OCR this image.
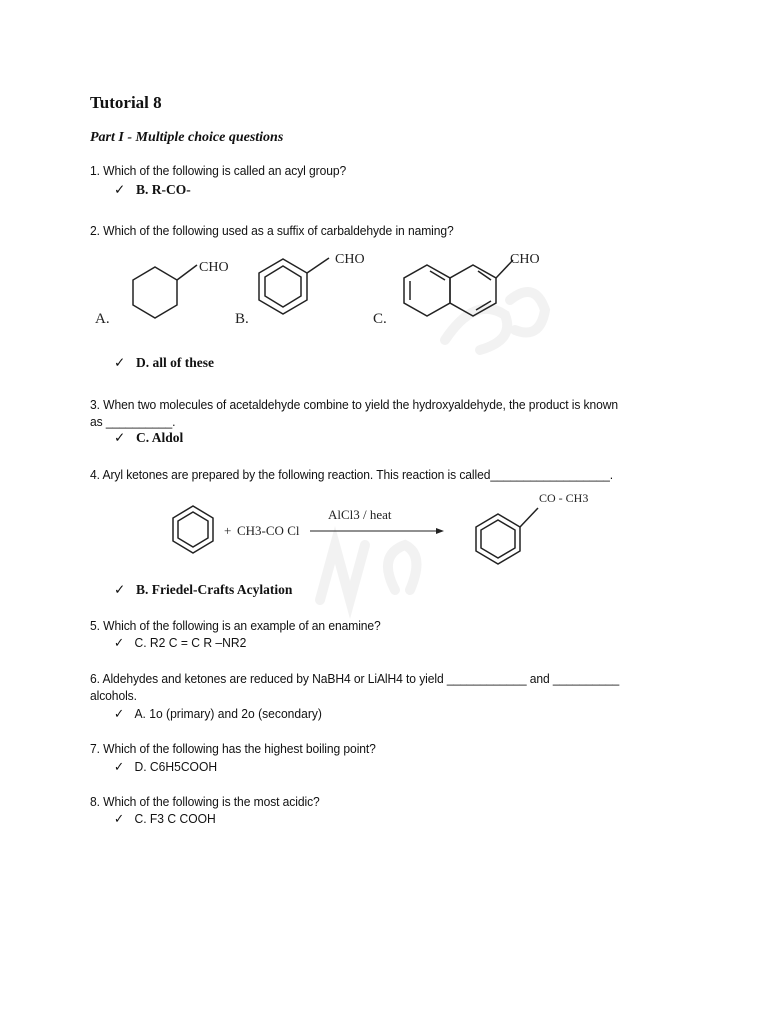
Tutorial 8
Part I - Multiple choice questions
1. Which of the following is called an acyl group?
✓ B. R-CO-
2. Which of the following used as a suffix of carbaldehyde in naming?
CHO
A.
CHO
B.
CHO
C.
✓ D. all of these
3. When two molecules of acetaldehyde combine to yield the hydroxyaldehyde, the product is known
as __________.
✓ C. Aldol
4. Aryl ketones are prepared by the following reaction. This reaction is called__________________.
+ CH3-CO Cl
AlCl3 / heat
CO - CH3
✓ B. Friedel-Crafts Acylation
5. Which of the following is an example of an enamine?
✓ C. R2 C = C R –NR2
6. Aldehydes and ketones are reduced by NaBH4 or LiAlH4 to yield ____________ and __________
alcohols.
✓ A. 1o (primary) and 2o (secondary)
7. Which of the following has the highest boiling point?
✓ D. C6H5COOH
8. Which of the following is the most acidic?
✓ C. F3 C COOH
